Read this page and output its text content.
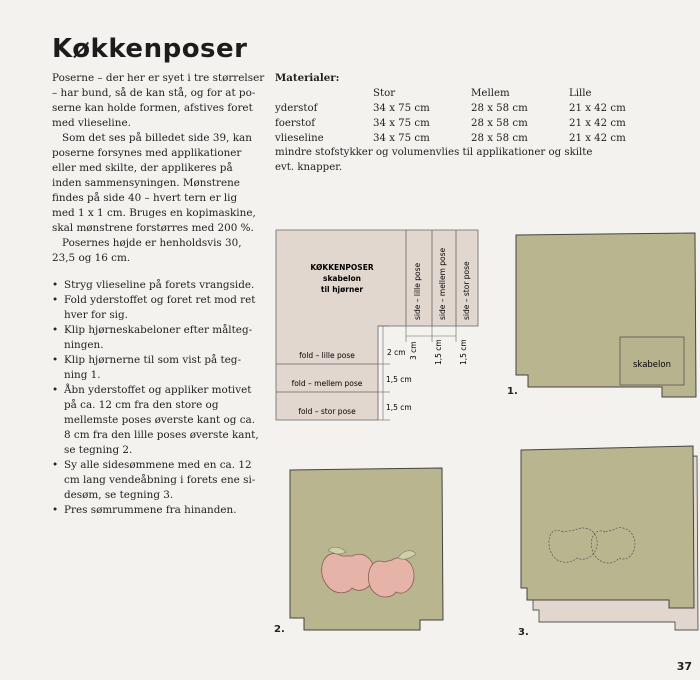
Køkkenposer

Poserne – der her er syet i tre størrelser
– har bund, så de kan stå, og for at po-
serne kan holde formen, afstives foret
med vlieseline.

Som det ses på billedet side 39, kan
poserne forsynes med applikationer
eller med skilte, der applikeres på
inden sammensyningen. Mønstrene
findes på side 40 – hvert tern er lig
med 1 x 1 cm. Bruges en kopimaskine,
skal mønstrene forstørres med 200 %.

Posernes højde er henholdsvis 30,
23,5 og 16 cm.

• Stryg vlieseline på forets vrangside.
• Fold yderstoffet og foret ret mod ret
hver for sig.
• Klip hjørneskabeloner efter målteg-
ningen.
• Klip hjørnerne til som vist på teg-
ning 1.
• Åbn yderstoffet og appliker motivet
på ca. 12 cm fra den store og
mellemste poses øverste kant og ca.
8 cm fra den lille poses øverste kant,
se tegning 2.
• Sy alle sidesømmene med en ca. 12
cm lang vendeåbning i forets ene si-
desøm, se tegning 3.
• Pres sømrummene fra hinanden.
Materialer:
	Stor	Mellem	Lille
yderstof	34 x 75 cm	28 x 58 cm	21 x 42 cm
foerstof	34 x 75 cm	28 x 58 cm	21 x 42 cm
vlieseline	34 x 75 cm	28 x 58 cm	21 x 42 cm
mindre stofstykker og volumenvlies til applikationer og skilte
evt. knapper.
KØKKENPOSER
skabelon
til hjørner	side – lille pose side – mellem pose side – stor pose
fold – lille pose
fold – mellem pose
fold – stor pose
2 cm 3 cm 1,5 cm 1,5 cm
1,5 cm
1,5 cm
skabelon
1.
2.	3.
37
